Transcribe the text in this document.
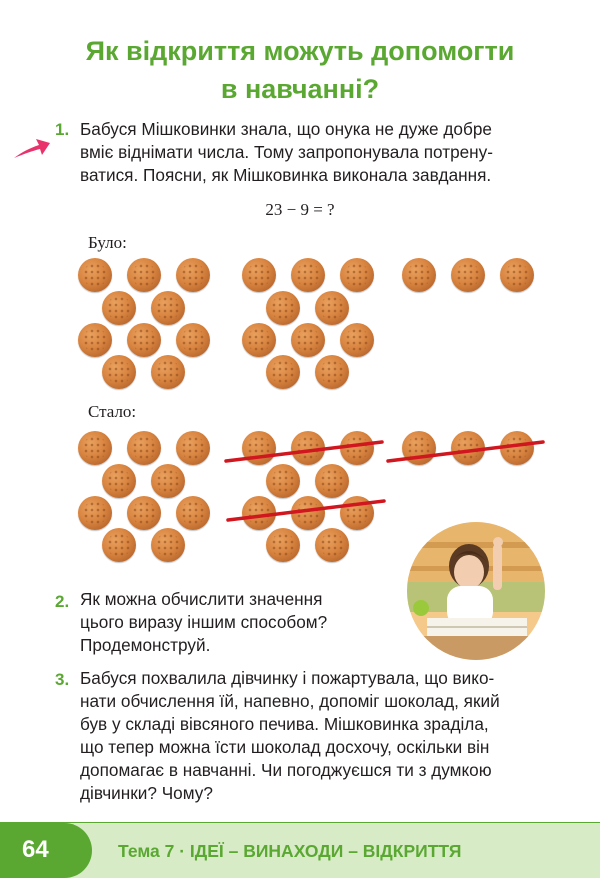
Як відкриття можуть допомогти
в навчанні?
1. Бабуся Мішковинки знала, що онука не дуже добре
вміє віднімати числа. Тому запропонувала потрену-
ватися. Поясни, як Мішковинка виконала завдання.
23 − 9 = ?
Було:
Стало:
2. Як можна обчислити значення
цього виразу іншим способом?
Продемонструй.
3. Бабуся похвалила дівчинку і пожартувала, що вико-
нати обчислення їй, напевно, допоміг шоколад, який
був у складі вівсяного печива. Мішковинка зраділа,
що тепер можна їсти шоколад досхочу, оскільки він
допомагає в навчанні. Чи погоджуєшся ти з думкою
дівчинки? Чому?
64	Тема 7 · ІДЕЇ – ВИНАХОДИ – ВІДКРИТТЯ
